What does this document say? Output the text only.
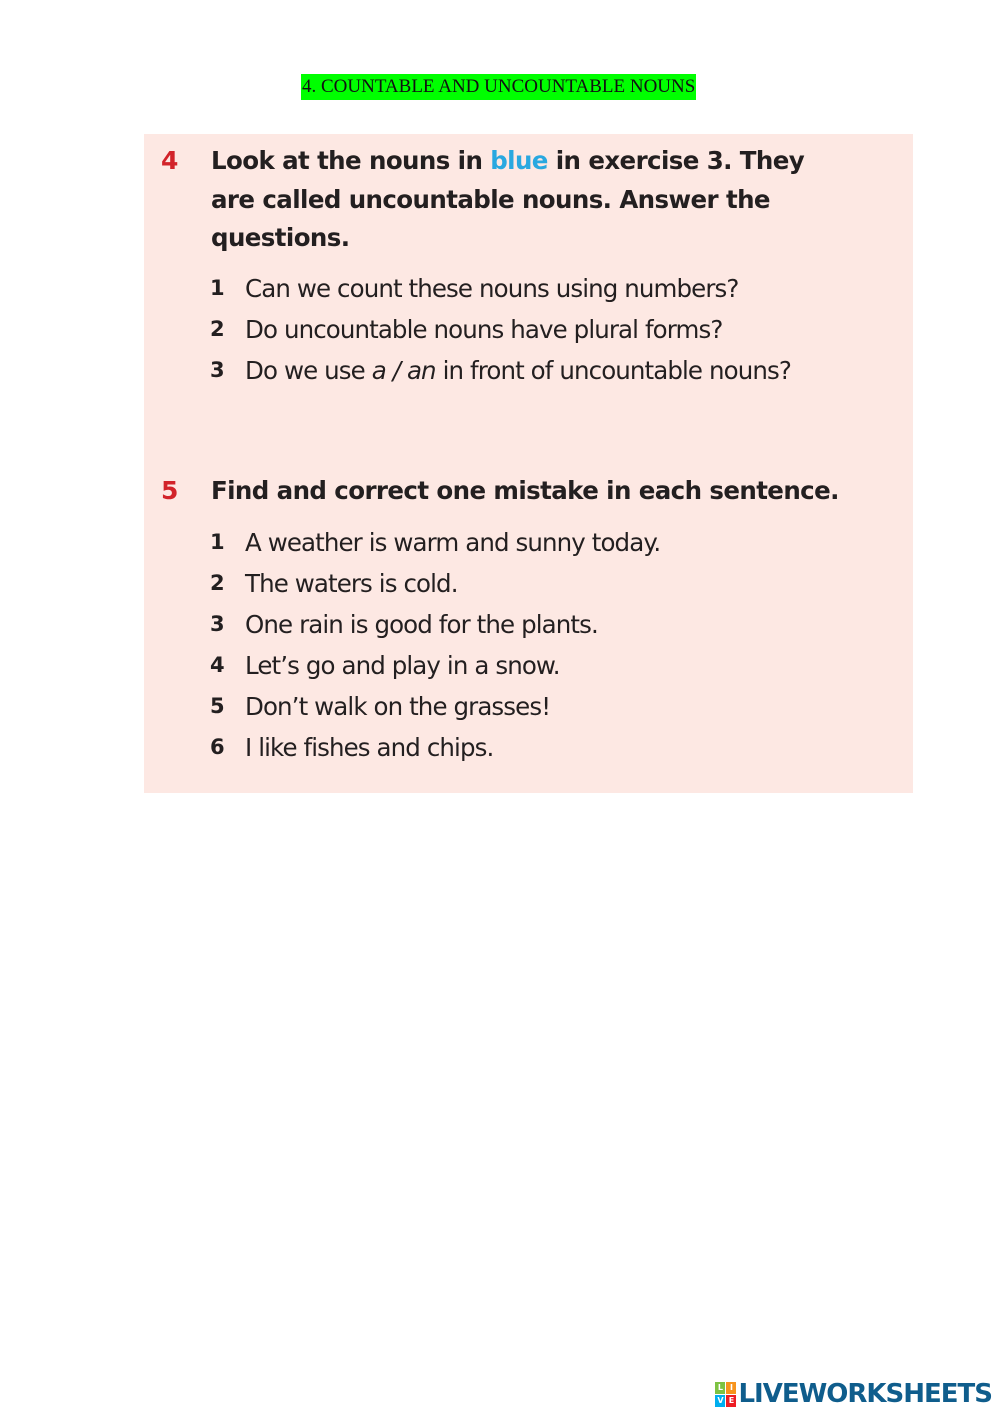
4. COUNTABLE AND UNCOUNTABLE NOUNS
4 Look at the nouns in blue in exercise 3. They are called uncountable nouns. Answer the questions.
1 Can we count these nouns using numbers?
2 Do uncountable nouns have plural forms?
3 Do we use a / an in front of uncountable nouns?
5 Find and correct one mistake in each sentence.
1 A weather is warm and sunny today.
2 The waters is cold.
3 One rain is good for the plants.
4 Let’s go and play in a snow.
5 Don’t walk on the grasses!
6 I like fishes and chips.
L I
V E LIVEWORKSHEETS
